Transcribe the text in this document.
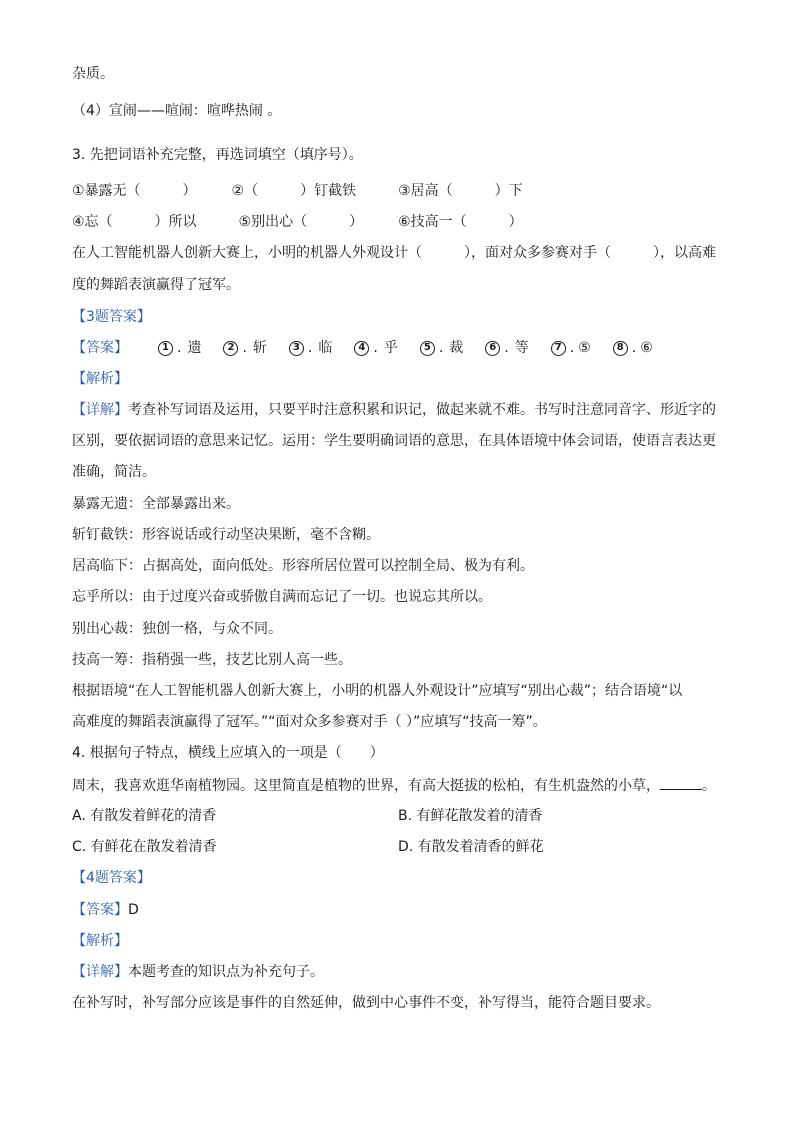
杂质。
（4）宣闹——喧闹：喧哗热闹 。
3. 先把词语补充完整，再选词填空（填序号）。
①暴露无（　　　）　　　②（　　　）钉截铁　　　③居高（　　　）下
④忘（　　　）所以　　　⑤别出心（　　　）　　　⑥技高一（　　　）
在人工智能机器人创新大赛上，小明的机器人外观设计（　　　），面对众多参赛对手（　　　），以高难
度的舞蹈表演赢得了冠军。
【3题答案】
【答案】	1 . 遗	2 . 斩	3 . 临	4 . 乎	5 . 裁	6 . 等	7 . ⑤	8 . ⑥
【解析】
【详解】考查补写词语及运用，只要平时注意积累和识记，做起来就不难。书写时注意同音字、形近字的
区别，要依据词语的意思来记忆。运用：学生要明确词语的意思，在具体语境中体会词语，使语言表达更
准确，简洁。
暴露无遗：全部暴露出来。
斩钉截铁：形容说话或行动坚决果断，毫不含糊。
居高临下：占据高处，面向低处。形容所居位置可以控制全局、极为有利。
忘乎所以：由于过度兴奋或骄傲自满而忘记了一切。也说忘其所以。
别出心裁：独创一格，与众不同。
技高一筹：指稍强一些，技艺比别人高一些。
根据语境“在人工智能机器人创新大赛上，小明的机器人外观设计”应填写“别出心裁”；结合语境“以
高难度的舞蹈表演赢得了冠军。”“面对众多参赛对手（ ）”应填写“技高一筹”。
4. 根据句子特点，横线上应填入的一项是（　　）
周末，我喜欢逛华南植物园。这里简直是植物的世界，有高大挺拔的松柏，有生机盎然的小草，	。
A. 有散发着鲜花的清香	B. 有鲜花散发着的清香
C. 有鲜花在散发着清香	D. 有散发着清香的鲜花
【4题答案】
【答案】D
【解析】
【详解】本题考查的知识点为补充句子。
在补写时，补写部分应该是事件的自然延伸，做到中心事件不变，补写得当，能符合题目要求。
